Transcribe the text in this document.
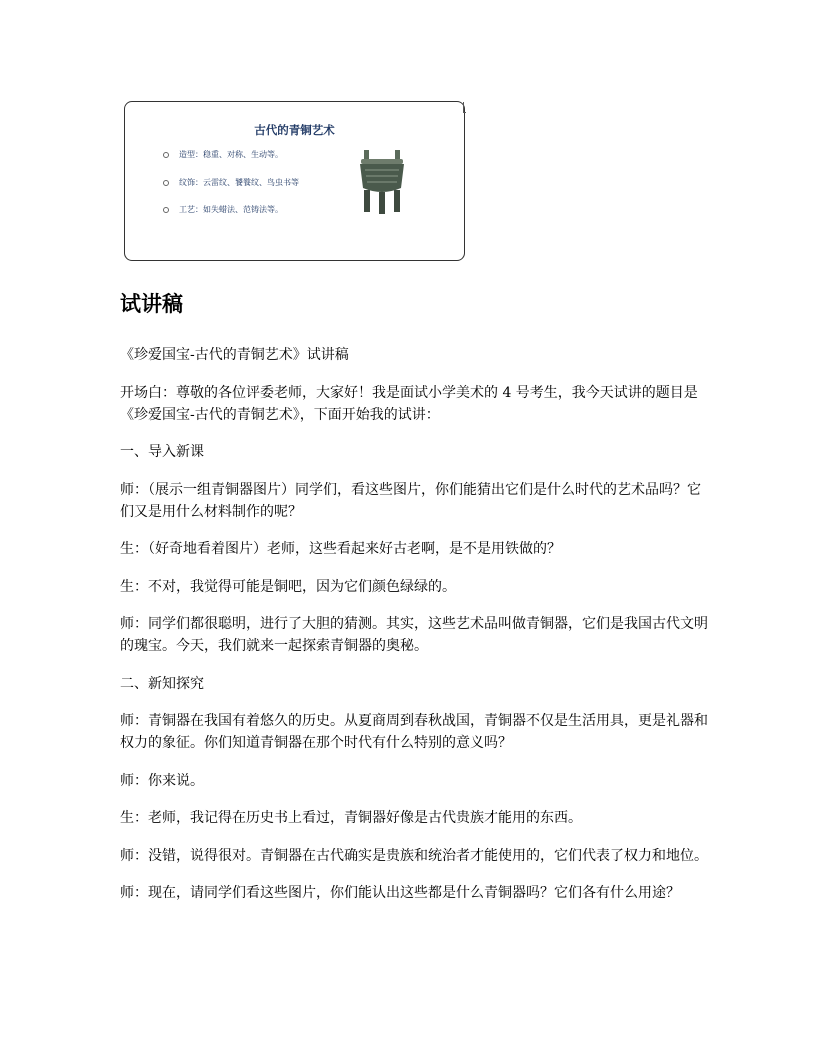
古代的青铜艺术
造型：稳重、对称、生动等。
纹饰：云雷纹、饕餮纹、鸟虫书等
工艺：如失蜡法、范铸法等。
试讲稿

《珍爱国宝-古代的青铜艺术》试讲稿

开场白：尊敬的各位评委老师，大家好！我是面试小学美术的 4 号考生，我今天试讲的题目是《珍爱国宝-古代的青铜艺术》，下面开始我的试讲：

一、导入新课

师：（展示一组青铜器图片）同学们，看这些图片，你们能猜出它们是什么时代的艺术品吗？它们又是用什么材料制作的呢？

生：（好奇地看着图片）老师，这些看起来好古老啊，是不是用铁做的？

生：不对，我觉得可能是铜吧，因为它们颜色绿绿的。

师：同学们都很聪明，进行了大胆的猜测。其实，这些艺术品叫做青铜器，它们是我国古代文明的瑰宝。今天，我们就来一起探索青铜器的奥秘。

二、新知探究

师：青铜器在我国有着悠久的历史。从夏商周到春秋战国，青铜器不仅是生活用具，更是礼器和权力的象征。你们知道青铜器在那个时代有什么特别的意义吗？

师：你来说。

生：老师，我记得在历史书上看过，青铜器好像是古代贵族才能用的东西。

师：没错，说得很对。青铜器在古代确实是贵族和统治者才能使用的，它们代表了权力和地位。

师：现在，请同学们看这些图片，你们能认出这些都是什么青铜器吗？它们各有什么用途？
